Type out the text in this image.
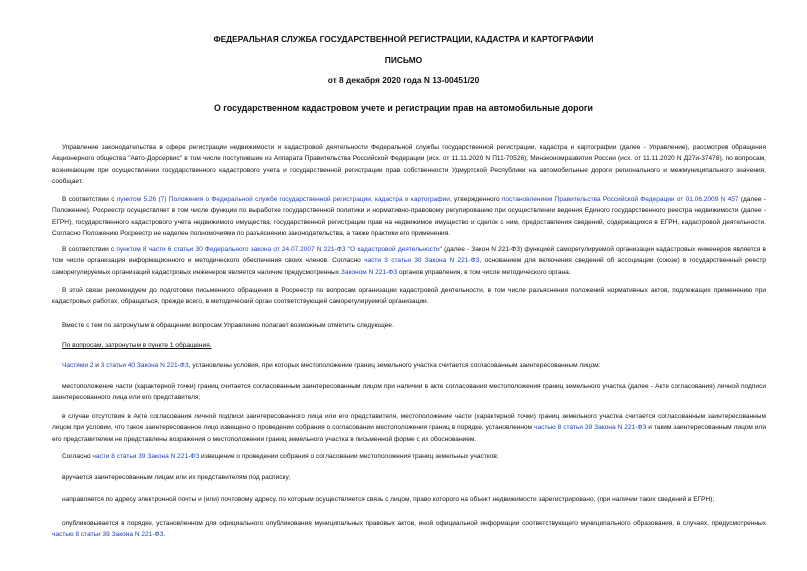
ФЕДЕРАЛЬНАЯ СЛУЖБА ГОСУДАРСТВЕННОЙ РЕГИСТРАЦИИ, КАДАСТРА И КАРТОГРАФИИ
ПИСЬМО
от 8 декабря 2020 года N 13-00451/20
О государственном кадастровом учете и регистрации прав на автомобильные дороги

Управление законодательства в сфере регистрации недвижимости и кадастровой деятельности Федеральной службы государственной регистрации, кадастра и картографии (далее - Управление), рассмотрев обращения Акционерного общества "Авто-Дорсервис" в том числе поступившие из Аппарата Правительства Российской Федерации (исх. от 11.11.2020 N П11-70526), Минэкономразвития России (исх. от 11.11.2020 N Д27и-37478), по вопросам, возникающим при осуществлении государственного кадастрового учета и государственной регистрации прав собственности Удмуртской Республики на автомобильные дороги регионального и межмуниципального значения, сообщает.

В соответствии с пунктом 5.26 (7) Положения о Федеральной службе государственной регистрации, кадастра и картографии, утвержденного постановлением Правительства Российской Федерации от 01.06.2009 N 457 (далее - Положение), Росреестр осуществляет в том числе функции по выработке государственной политики и нормативно-правовому регулированию при осуществлении ведения Единого государственного реестра недвижимости (далее - ЕГРН), государственного кадастрового учета недвижимого имущества, государственной регистрации прав на недвижимое имущество и сделок с ним, предоставления сведений, содержащихся в ЕГРН, кадастровой деятельности. Согласно Положению Росреестр не наделен полномочиями по разъяснению законодательства, а также практики его применения.

В соответствии с пунктом 8 части 6 статьи 30 Федерального закона от 24.07.2007 N 221-ФЗ "О кадастровой деятельности" (далее - Закон N 221-ФЗ) функцией саморегулируемой организации кадастровых инженеров является в том числе организация информационного и методического обеспечения своих членов. Согласно части 3 статьи 30 Закона N 221-ФЗ, основанием для включения сведений об ассоциации (союзе) в государственный реестр саморегулируемых организаций кадастровых инженеров является наличие предусмотренных Законом N 221-ФЗ органов управления, в том числе методического органа.

В этой связи рекомендуем до подготовки письменного обращения в Росреестр по вопросам организации кадастровой деятельности, в том числе разъяснения положений нормативных актов, подлежащих применению при кадастровых работах, обращаться, прежде всего, в методический орган соответствующей саморегулируемой организации.

Вместе с тем по затронутым в обращении вопросам Управление полагает возможным отметить следующее.

По вопросам, затронутым в пункте 1 обращения.

Частями 2 и 3 статьи 40 Закона N 221-ФЗ, установлены условия, при которых местоположение границ земельного участка считается согласованным заинтересованным лицом:

местоположение части (характерной точки) границ считается согласованным заинтересованным лицом при наличии в акте согласования местоположения границ земельного участка (далее - Акте согласования) личной подписи заинтересованного лица или его представителя;

в случае отсутствия в Акте согласования личной подписи заинтересованного лица или его представителя, местоположение части (характерной точки) границ земельного участка считается согласованным заинтересованным лицом при условии, что такое заинтересованное лицо извещено о проведении собрания о согласовании местоположения границ в порядке, установленном частью 8 статьи 39 Закона N 221-ФЗ и таким заинтересованным лицом или его представителем не представлены возражения о местоположении границ земельного участка в письменной форме с их обоснованием.

Согласно части 8 статьи 39 Закона N 221-ФЗ извещение о проведении собрания о согласовании местоположения границ земельных участков:

вручается заинтересованным лицам или их представителям под расписку;

направляется по адресу электронной почты и (или) почтовому адресу, по которым осуществляется связь с лицом, право которого на объект недвижимости зарегистрировано, (при наличии таких сведений в ЕГРН);

опубликовывается в порядке, установленном для официального опубликования муниципальных правовых актов, иной официальной информации соответствующего муниципального образования, в случаях, предусмотренных частью 8 статьи 39 Закона N 221-ФЗ.
